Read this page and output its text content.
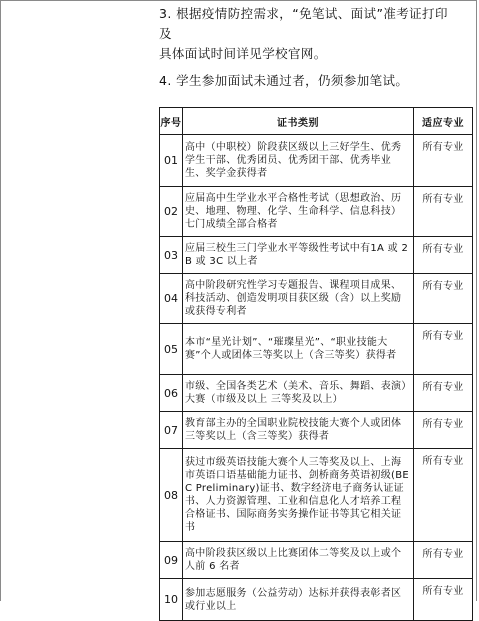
3. 根据疫情防控需求，“免笔试、面试”准考证打印及

具体面试时间详见学校官网。

4. 学生参加面试未通过者，仍须参加笔试。

序号	证书类别	适应专业
01	高中（中职校）阶段获区级以上三好学生、优秀学生干部、优秀团员、优秀团干部、优秀毕业生、奖学金获得者	所有专业
02	应届高中生学业水平合格性考试（思想政治、历史、地理、物理、化学、生命科学、信息科技）七门成绩全部合格者	所有专业
03	应届三校生三门学业水平等级性考试中有1A 或 2B 或 3C 以上者	所有专业
04	高中阶段研究性学习专题报告、课程项目成果、科技活动、创造发明项目获区级（含）以上奖励或获得专利者	所有专业
05	本市“星光计划”、“璀璨星光”、“职业技能大赛”个人或团体三等奖以上（含三等奖）获得者	所有专业
06	市级、全国各类艺术（美术、音乐、舞蹈、表演）大赛（市级及以上 三等奖及以上）	所有专业
07	教育部主办的全国职业院校技能大赛个人或团体三等奖以上（含三等奖）获得者	所有专业
08	获过市级英语技能大赛个人三等奖及以上、上海市英语口语基础能力证书、剑桥商务英语初级(BEC Preliminary)证书、数字经济电子商务认证证书、人力资源管理、工业和信息化人才培养工程合格证书、国际商务实务操作证书等其它相关证书	所有专业
09	高中阶段获区级以上比赛团体二等奖及以上或个人前 6 名者	所有专业
10	参加志愿服务（公益劳动）达标并获得表彰者区或行业以上	所有专业
